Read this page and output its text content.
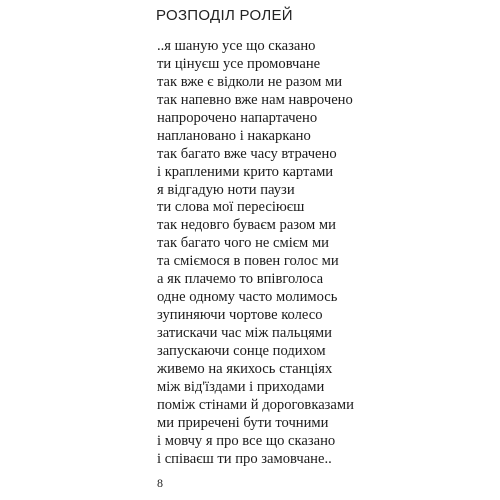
РОЗПОДІЛ РОЛЕЙ
..я шаную усе що сказано
ти цінуєш усе промовчане
так вже є відколи не разом ми
так напевно вже нам наврочено
напророчено напартачено
наплановано і накаркано
так багато вже часу втрачено
і крапленими крито картами
я відгадую ноти паузи
ти слова мої пересіюєш
так недовго буваєм разом ми
так багато чого не смієм ми
та сміємося в повен голос ми
а як плачемо то впівголоса
одне одному часто молимось
зупиняючи чортове колесо
затискачи час між пальцями
запускаючи сонце подихом
живемо на якихось станціях
між від'їздами і приходами
поміж стінами й дороговказами
ми приречені бути точними
і мовчу я про все що сказано
і співаєш ти про замовчане..
8
